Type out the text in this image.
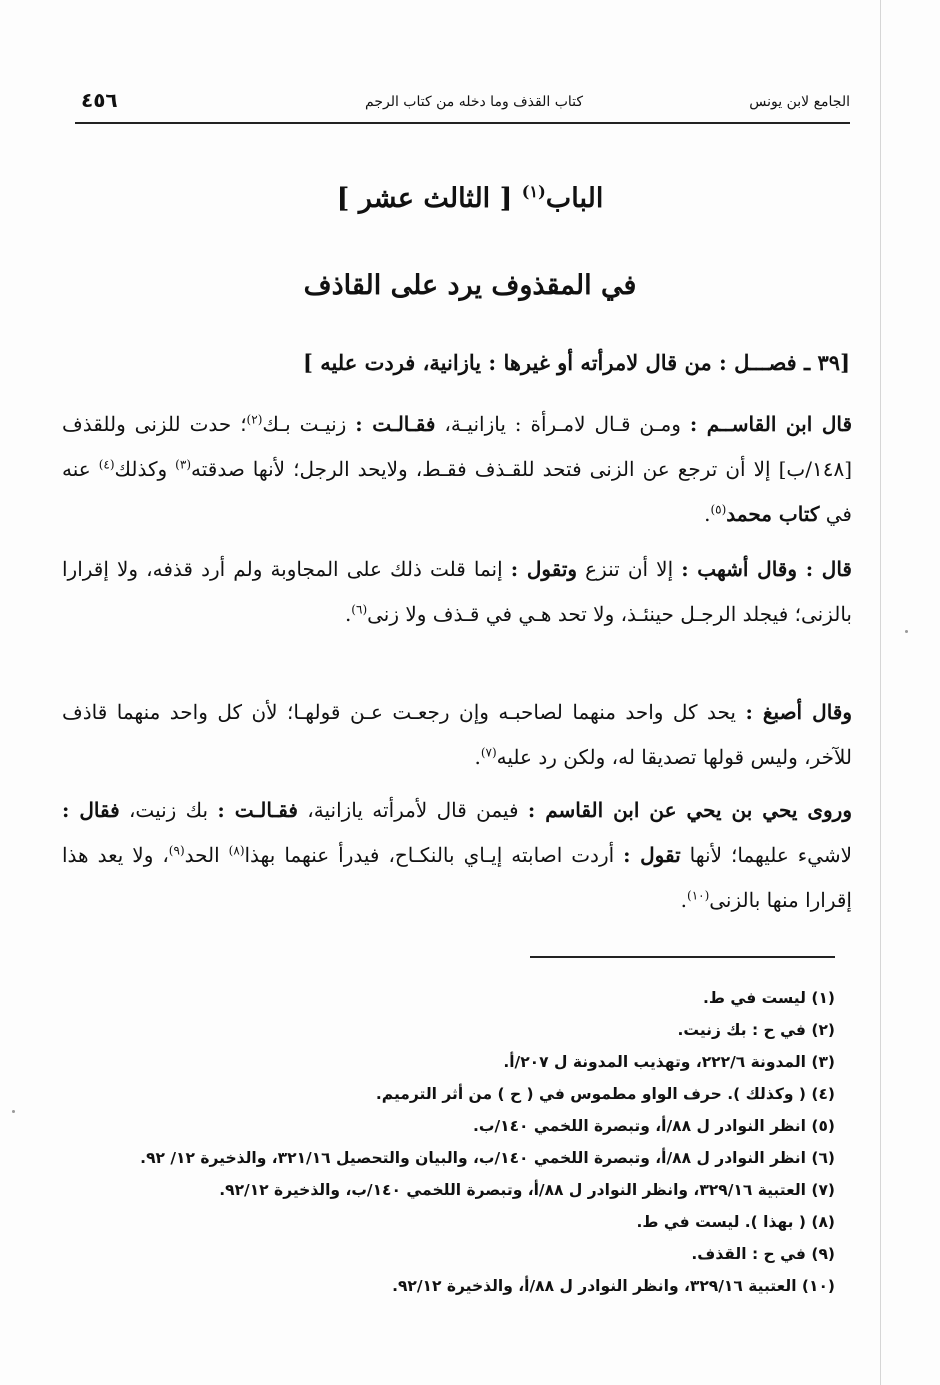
٤٥٦	كتاب القذف وما دخله من كتاب الرجم	الجامع لابن يونس
الباب$^{(١)}$ [ الثالث عشر ]
في المقذوف يرد على القاذف
[٣٩ ـ فصـــل : من قال لامرأته أو غيرها : يازانية، فردت عليه ]
قال ابن القاســم : ومـن قـال لامـرأة : يازانيـة، فقـالـت : زنيـت بـك$^{(٢)}$؛ حدت للزنى وللقذف [١٤٨/ب] إلا أن ترجع عن الزنى فتحد للقـذف فقـط، ولايحد الرجل؛ لأنها صدقته$^{(٣)}$ وكذلك$^{(٤)}$ عنه في كتاب محمد$^{(٥)}$.
قال : وقال أشهب : إلا أن تنزع وتقول : إنما قلت ذلك على المجاوبة ولم أرد قذفه، ولا إقرارا بالزنى؛ فيجلد الرجـل حينئـذ، ولا تحد هـي في قـذف ولا زنى$^{(٦)}$.
وقال أصبغ : يحد كل واحد منهما لصاحبـه وإن رجعـت عـن قولهـا؛ لأن كل واحد منهما قاذف للآخر، وليس قولها تصديقا له، ولكن رد عليه$^{(٧)}$.
وروى يحي بن يحي عن ابن القاسم : فيمن قال لأمرأته يازانية، فقـالـت : بك زنيت، فقال : لاشيء عليهما؛ لأنها تقول : أردت اصابته إيـاي بالنكـاح، فيدرأ عنهما بهذا$^{(٨)}$ الحد$^{(٩)}$، ولا يعد هذا إقرارا منها بالزنى$^{(١٠)}$.
(١) ليست في ط.
(٢) في ح : بك زنيت.
(٣) المدونة ٢٢٢/٦، وتهذيب المدونة ل ٢٠٧/أ.
(٤) ( وكذلك ). حرف الواو مطموس في ( ح ) من أثر الترميم.
(٥) انظر النوادر ل ٨٨/أ، وتبصرة اللخمي ١٤٠/ب.
(٦) انظر النوادر ل ٨٨/أ، وتبصرة اللخمي ١٤٠/ب، والبيان والتحصيل ٣٢١/١٦، والذخيرة ١٢/ ٩٢.
(٧) العتبية ٣٢٩/١٦، وانظر النوادر ل ٨٨/أ، وتبصرة اللخمي ١٤٠/ب، والذخيرة ٩٢/١٢.
(٨) ( بهذا ). ليست في ط.
(٩) في ح : القذف.
(١٠) العتبية ٣٢٩/١٦، وانظر النوادر ل ٨٨/أ، والذخيرة ٩٢/١٢.
